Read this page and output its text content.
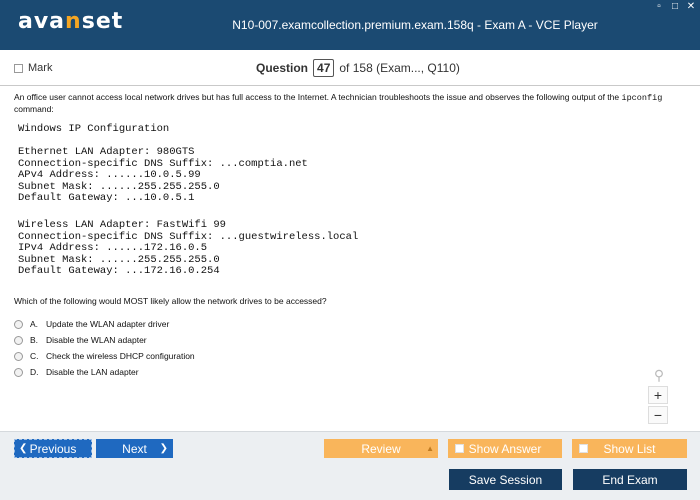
avanset	N10-007.examcollection.premium.exam.158q - Exam A - VCE Player
▫	□ ✕
Mark	Question 47 of 158 (Exam..., Q110)
An office user cannot access local network drives but has full access to the Internet. A technician troubleshoots the issue and observes the following output of the ipconfig command:
Windows IP Configuration
Ethernet LAN Adapter: 980GTS
Connection-specific DNS Suffix: ...comptia.net
APv4 Address: ......10.0.5.99
Subnet Mask: ......255.255.255.0
Default Gateway: ...10.0.5.1
Wireless LAN Adapter: FastWifi 99
Connection-specific DNS Suffix: ...guestwireless.local
IPv4 Address: ......172.16.0.5
Subnet Mask: ......255.255.255.0
Default Gateway: ...172.16.0.254
Which of the following would MOST likely allow the network drives to be accessed?
A. Update the WLAN adapter driver
B. Disable the WLAN adapter
C. Check the wireless DHCP configuration
D. Disable the LAN adapter	⚲
+
−
❮ Previous	Next ❯	Review	▲	Show Answer	Show List
Save Session	End Exam
